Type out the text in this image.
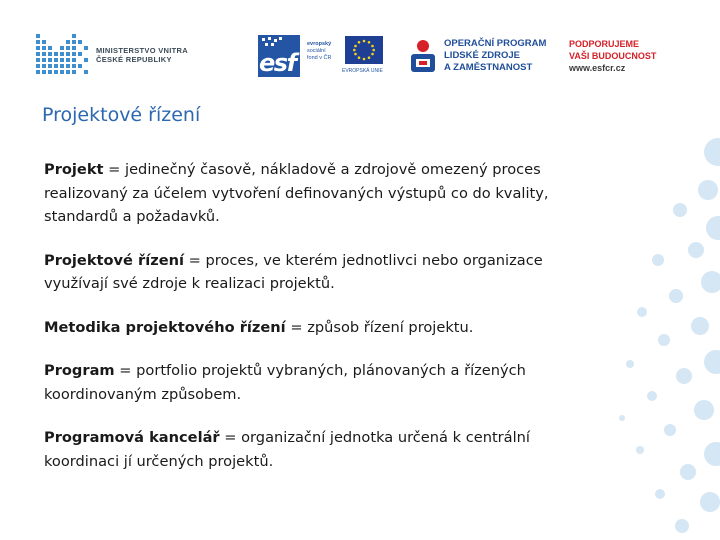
MINISTERSTVO VNITRA
ČESKÉ REPUBLIKY	esf
evropský
sociální
fond v ČR
EVROPSKÁ UNIE
OPERAČNÍ PROGRAM
LIDSKÉ ZDROJE
A ZAMĚSTNANOST
PODPORUJEME
VAŠI BUDOUCNOST
www.esfcr.cz
Projektové řízení

Projekt = jedinečný časově, nákladově a zdrojově omezený proces realizovaný za účelem vytvoření definovaných výstupů co do kvality, standardů a požadavků.

Projektové řízení = proces, ve kterém jednotlivci nebo organizace využívají své zdroje k realizaci projektů.

Metodika projektového řízení = způsob řízení projektu.

Program = portfolio projektů vybraných, plánovaných a řízených koordinovaným způsobem.

Programová kancelář = organizační jednotka určená k centrální koordinaci jí určených projektů.
